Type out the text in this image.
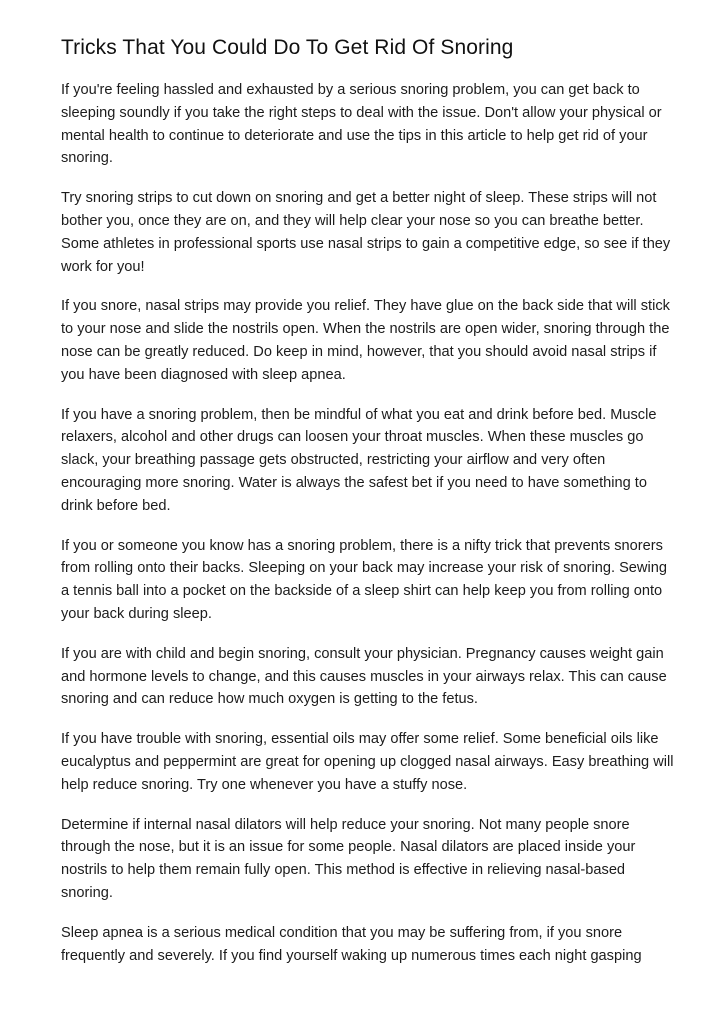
Tricks That You Could Do To Get Rid Of Snoring

If you're feeling hassled and exhausted by a serious snoring problem, you can get back to sleeping soundly if you take the right steps to deal with the issue. Don't allow your physical or mental health to continue to deteriorate and use the tips in this article to help get rid of your snoring.

Try snoring strips to cut down on snoring and get a better night of sleep. These strips will not bother you, once they are on, and they will help clear your nose so you can breathe better. Some athletes in professional sports use nasal strips to gain a competitive edge, so see if they work for you!

If you snore, nasal strips may provide you relief. They have glue on the back side that will stick to your nose and slide the nostrils open. When the nostrils are open wider, snoring through the nose can be greatly reduced. Do keep in mind, however, that you should avoid nasal strips if you have been diagnosed with sleep apnea.

If you have a snoring problem, then be mindful of what you eat and drink before bed. Muscle relaxers, alcohol and other drugs can loosen your throat muscles. When these muscles go slack, your breathing passage gets obstructed, restricting your airflow and very often encouraging more snoring. Water is always the safest bet if you need to have something to drink before bed.

If you or someone you know has a snoring problem, there is a nifty trick that prevents snorers from rolling onto their backs. Sleeping on your back may increase your risk of snoring. Sewing a tennis ball into a pocket on the backside of a sleep shirt can help keep you from rolling onto your back during sleep.

If you are with child and begin snoring, consult your physician. Pregnancy causes weight gain and hormone levels to change, and this causes muscles in your airways relax. This can cause snoring and can reduce how much oxygen is getting to the fetus.

If you have trouble with snoring, essential oils may offer some relief. Some beneficial oils like eucalyptus and peppermint are great for opening up clogged nasal airways. Easy breathing will help reduce snoring. Try one whenever you have a stuffy nose.

Determine if internal nasal dilators will help reduce your snoring. Not many people snore through the nose, but it is an issue for some people. Nasal dilators are placed inside your nostrils to help them remain fully open. This method is effective in relieving nasal-based snoring.

Sleep apnea is a serious medical condition that you may be suffering from, if you snore frequently and severely. If you find yourself waking up numerous times each night gasping
